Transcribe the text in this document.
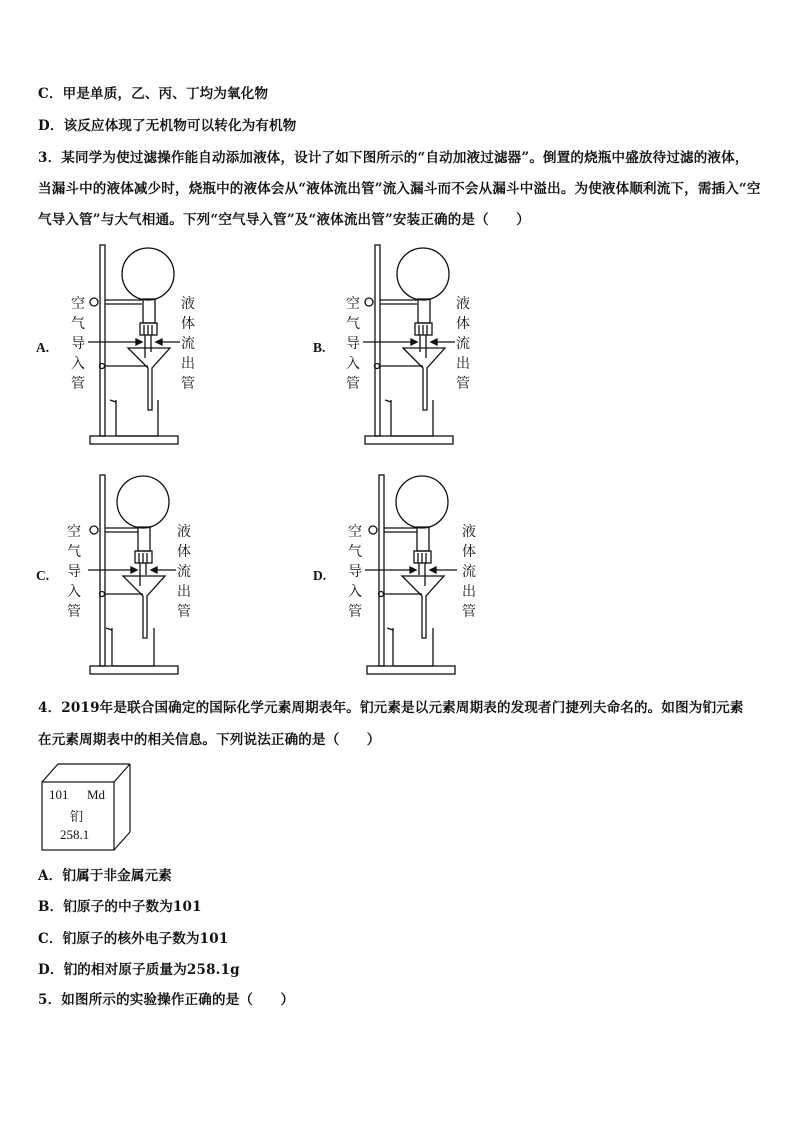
C．甲是单质，乙、丙、丁均为氧化物
D．该反应体现了无机物可以转化为有机物
3．某同学为使过滤操作能自动添加液体，设计了如下图所示的“自动加液过滤器”。倒置的烧瓶中盛放待过滤的液体，
当漏斗中的液体减少时，烧瓶中的液体会从“液体流出管”流入漏斗而不会从漏斗中溢出。为使液体顺利流下，需插入“空
气导入管”与大气相通。下列“空气导入管”及“液体流出管”安装正确的是（　　）
A.
空
气
导
入
管
液
体
流
出
管
B.
空
气
导
入
管
液
体
流
出
管
C.
空
气
导
入
管
液
体
流
出
管
D.
空
气
导
入
管
液
体
流
出
管
4．2019年是联合国确定的国际化学元素周期表年。钔元素是以元素周期表的发现者门捷列夫命名的。如图为钔元素
在元素周期表中的相关信息。下列说法正确的是（　　）
101 Md
钔
258.1
A．钔属于非金属元素
B．钔原子的中子数为101
C．钔原子的核外电子数为101
D．钔的相对原子质量为258.1g
5．如图所示的实验操作正确的是（　　）
